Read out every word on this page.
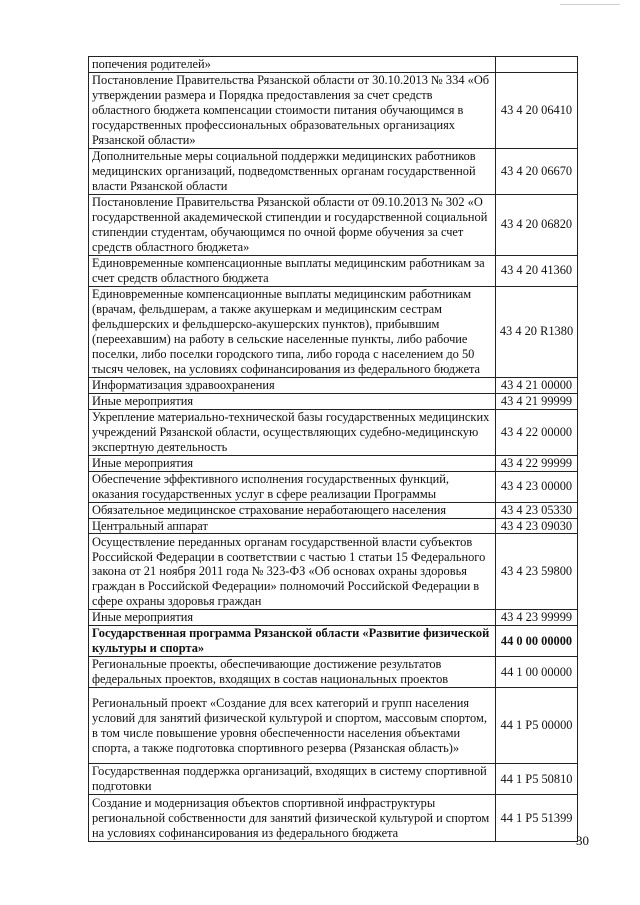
попечения родителей»	
Постановление Правительства Рязанской области от 30.10.2013 № 334 «Об утверждении размера и Порядка предоставления за счет средств областного бюджета компенсации стоимости питания обучающимся в государственных профессиональных образовательных организациях Рязанской области»	43 4 20 06410
Дополнительные меры социальной поддержки медицинских работников медицинских организаций, подведомственных органам государственной власти Рязанской области	43 4 20 06670
Постановление Правительства Рязанской области от 09.10.2013 № 302 «О государственной академической стипендии и государственной социальной стипендии студентам, обучающимся по очной форме обучения за счет средств областного бюджета»	43 4 20 06820
Единовременные компенсационные выплаты медицинским работникам за счет средств областного бюджета	43 4 20 41360
Единовременные компенсационные выплаты медицинским работникам (врачам, фельдшерам, а также акушеркам и медицинским сестрам фельдшерских и фельдшерско-акушерских пунктов), прибывшим (переехавшим) на работу в сельские населенные пункты, либо рабочие поселки, либо поселки городского типа, либо города с населением до 50 тысяч человек, на условиях софинансирования из федерального бюджета	43 4 20 R1380
Информатизация здравоохранения	43 4 21 00000
Иные мероприятия	43 4 21 99999
Укрепление материально-технической базы государственных медицинских учреждений Рязанской области, осуществляющих судебно-медицинскую экспертную деятельность	43 4 22 00000
Иные мероприятия	43 4 22 99999
Обеспечение эффективного исполнения государственных функций, оказания государственных услуг в сфере реализации Программы	43 4 23 00000
Обязательное медицинское страхование неработающего населения	43 4 23 05330
Центральный аппарат	43 4 23 09030
Осуществление переданных органам государственной власти субъектов Российской Федерации в соответствии с частью 1 статьи 15 Федерального закона от 21 ноября 2011 года № 323-ФЗ «Об основах охраны здоровья граждан в Российской Федерации» полномочий Российской Федерации в сфере охраны здоровья граждан	43 4 23 59800
Иные мероприятия	43 4 23 99999
Государственная программа Рязанской области «Развитие физической культуры и спорта»	44 0 00 00000
Региональные проекты, обеспечивающие достижение результатов федеральных проектов, входящих в состав национальных проектов	44 1 00 00000
Региональный проект «Создание для всех категорий и групп населения условий для занятий физической культурой и спортом, массовым спортом, в том числе повышение уровня обеспеченности населения объектами спорта, а также подготовка спортивного резерва (Рязанская область)»	44 1 P5 00000
Государственная поддержка организаций, входящих в систему спортивной подготовки	44 1 P5 50810
Создание и модернизация объектов спортивной инфраструктуры региональной собственности для занятий физической культурой и спортом на условиях софинансирования из федерального бюджета	44 1 P5 51399
30
